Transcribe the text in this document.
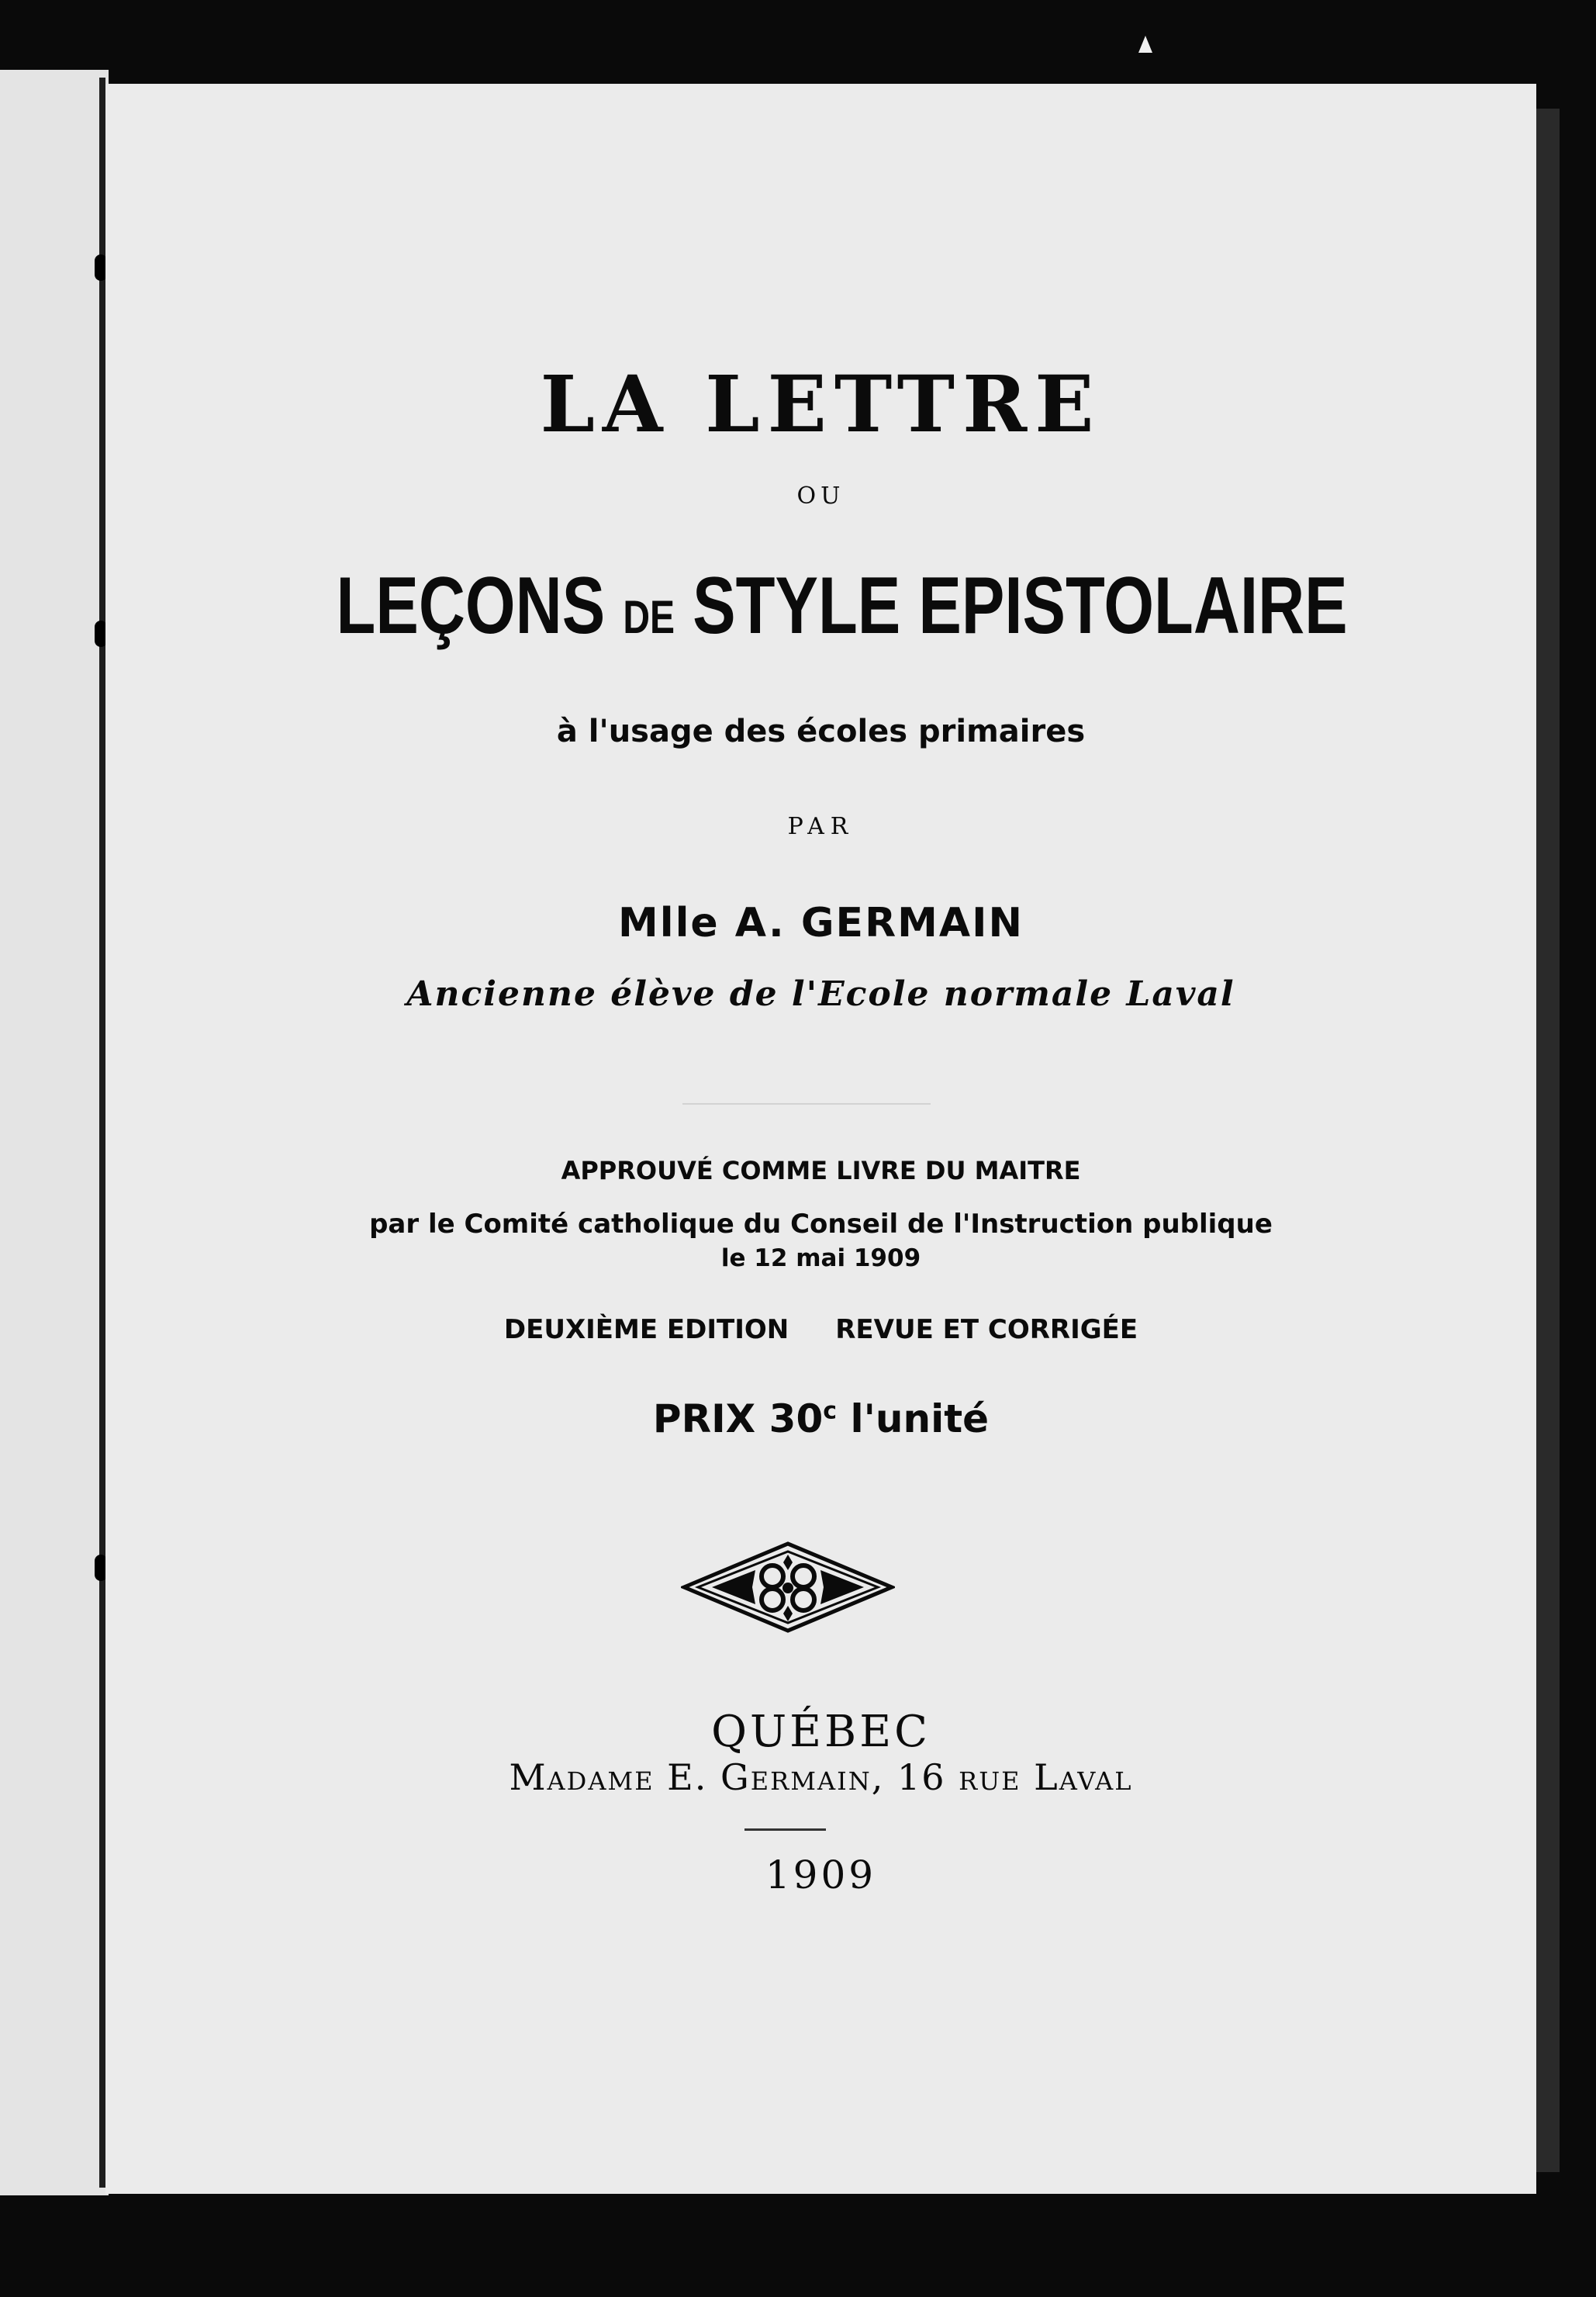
LA LETTRE
OU
LEÇONS DE STYLE EPISTOLAIRE
à l'usage des écoles primaires
PAR
Mlle A. GERMAIN
Ancienne élève de l'Ecole normale Laval
APPROUVÉ COMME LIVRE DU MAITRE
par le Comité catholique du Conseil de l'Instruction publique
le 12 mai 1909
DEUXIÈME EDITION REVUE ET CORRIGÉE
PRIX 30$^c$ l'unité
QUÉBEC
Madame E. Germain, 16 rue Laval
1909
